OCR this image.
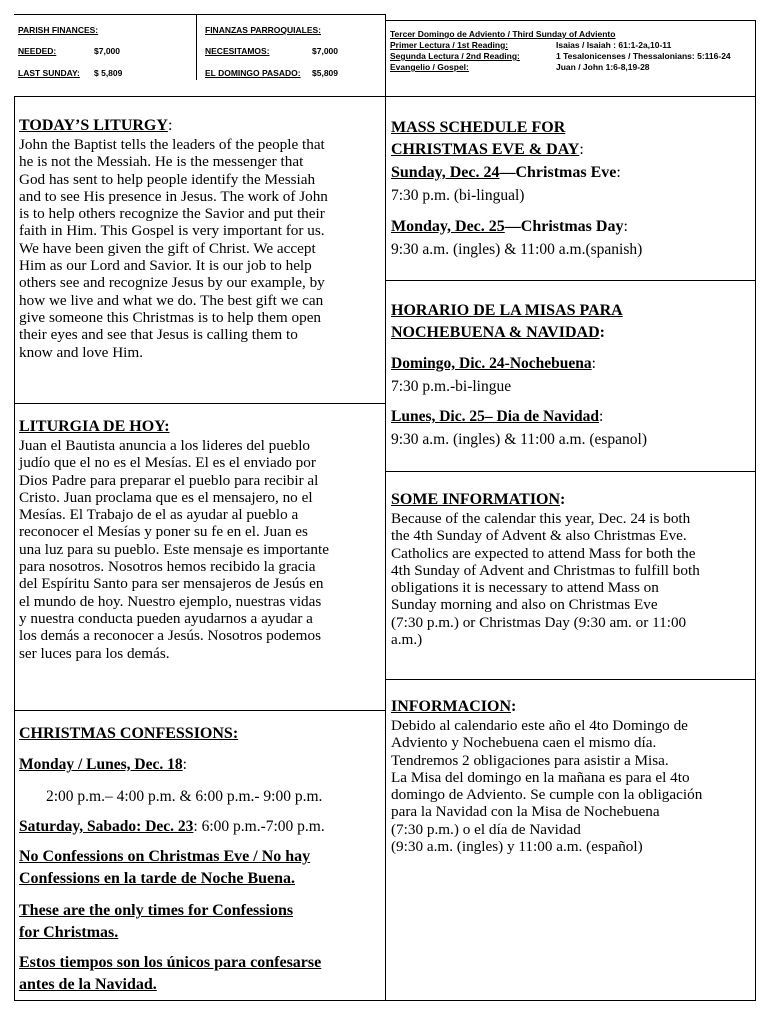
PARISH FINANCES:
NEEDED:	$7,000
LAST SUNDAY: $ 5,809
FINANZAS PARROQUIALES:
NECESITAMOS:	$7,000
EL DOMINGO PASADO: $5,809
Tercer Domingo de Adviento / Third Sunday of Adviento
Primer Lectura / 1st Reading:	Isaias / Isaiah : 61:1-2a,10-11
Segunda Lectura / 2nd Reading:	1 Tesalonicenses / Thessalonians: 5:116-24
Evangelio / Gospel:	Juan / John 1:6-8,19-28
TODAY’S LITURGY:
John the Baptist tells the leaders of the people that
he is not the Messiah. He is the messenger that
God has sent to help people identify the Messiah
and to see His presence in Jesus. The work of John
is to help others recognize the Savior and put their
faith in Him. This Gospel is very important for us.
We have been given the gift of Christ. We accept
Him as our Lord and Savior. It is our job to help
others see and recognize Jesus by our example, by
how we live and what we do. The best gift we can
give someone this Christmas is to help them open
their eyes and see that Jesus is calling them to
know and love Him.
LITURGIA DE HOY:
Juan el Bautista anuncia a los lideres del pueblo
judío que el no es el Mesías. El es el enviado por
Dios Padre para preparar el pueblo para recibir al
Cristo. Juan proclama que es el mensajero, no el
Mesías. El Trabajo de el as ayudar al pueblo a
reconocer el Mesías y poner su fe en el. Juan es
una luz para su pueblo. Este mensaje es importante
para nosotros. Nosotros hemos recibido la gracia
del Espíritu Santo para ser mensajeros de Jesús en
el mundo de hoy. Nuestro ejemplo, nuestras vidas
y nuestra conducta pueden ayudarnos a ayudar a
los demás a reconocer a Jesús. Nosotros podemos
ser luces para los demás.
CHRISTMAS CONFESSIONS:
Monday / Lunes, Dec. 18:
2:00 p.m.– 4:00 p.m. & 6:00 p.m.- 9:00 p.m.
Saturday, Sabado: Dec. 23: 6:00 p.m.-7:00 p.m.
No Confessions on Christmas Eve / No hay
Confessions en la tarde de Noche Buena.
These are the only times for Confessions
for Christmas.
Estos tiempos son los únicos para confesarse
antes de la Navidad.
MASS SCHEDULE FOR
CHRISTMAS EVE & DAY:
Sunday, Dec. 24—Christmas Eve:
7:30 p.m. (bi-lingual)
Monday, Dec. 25—Christmas Day:
9:30 a.m. (ingles) & 11:00 a.m.(spanish)
HORARIO DE LA MISAS PARA
NOCHEBUENA & NAVIDAD:
Domingo, Dic. 24-Nochebuena:
7:30 p.m.-bi-lingue
Lunes, Dic. 25– Dia de Navidad:
9:30 a.m. (ingles) & 11:00 a.m. (espanol)
SOME INFORMATION:
Because of the calendar this year, Dec. 24 is both
the 4th Sunday of Advent & also Christmas Eve.
Catholics are expected to attend Mass for both the
4th Sunday of Advent and Christmas to fulfill both
obligations it is necessary to attend Mass on
Sunday morning and also on Christmas Eve
(7:30 p.m.) or Christmas Day (9:30 am. or 11:00
a.m.)
INFORMACION:
Debido al calendario este año el 4to Domingo de
Adviento y Nochebuena caen el mismo día.
Tendremos 2 obligaciones para asistir a Misa.
La Misa del domingo en la mañana es para el 4to
domingo de Adviento. Se cumple con la obligación
para la Navidad con la Misa de Nochebuena
(7:30 p.m.) o el día de Navidad
(9:30 a.m. (ingles) y 11:00 a.m. (español)
